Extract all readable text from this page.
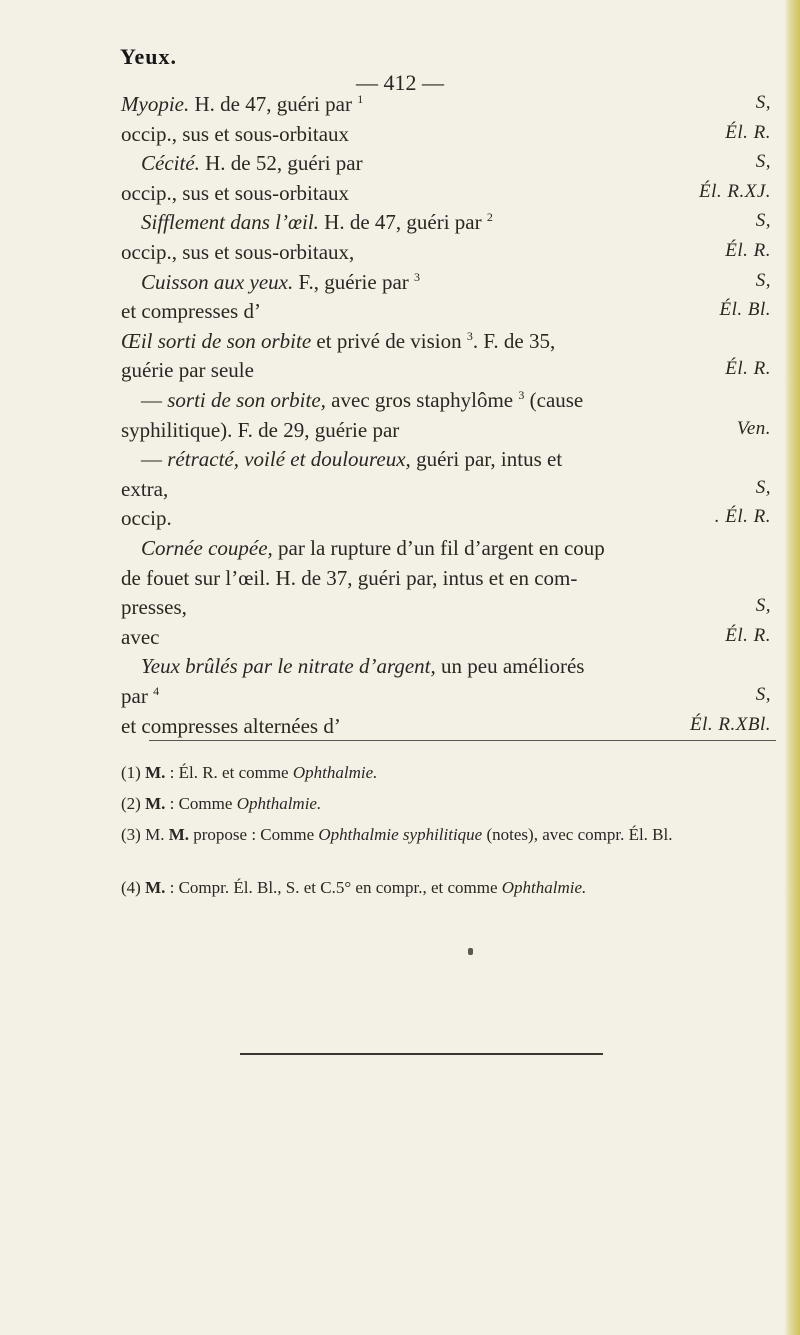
Yeux.
— 412 —
Myopie. H. de 47, guéri par $^1$	S,
occip., sus et sous-orbitaux	Él. R.
Cécité. H. de 52, guéri par	S,
occip., sus et sous-orbitaux	Él. R.XJ.
Sifflement dans l’œil. H. de 47, guéri par $^2$	S,
occip., sus et sous-orbitaux,	Él. R.
Cuisson aux yeux. F., guérie par $^3$	S,
et compresses d’	Él. Bl.
Œil sorti de son orbite et privé de vision $^3$. F. de 35,
guérie par seule	Él. R.
— sorti de son orbite, avec gros staphylôme $^3$ (cause
syphilitique). F. de 29, guérie par	Ven.
— rétracté, voilé et douloureux, guéri par, intus et
extra,	S,
occip.	. Él. R.
Cornée coupée, par la rupture d’un fil d’argent en coup
de fouet sur l’œil. H. de 37, guéri par, intus et en com-
presses,	S,
avec	Él. R.
Yeux brûlés par le nitrate d’argent, un peu améliorés
par $^4$	S,
et compresses alternées d’	Él. R.XBl.
(1) M. : Él. R. et comme Ophthalmie.
(2) M. : Comme Ophthalmie.
(3) M. M. propose : Comme Ophthalmie syphilitique (notes), avec compr. Él. Bl.
(4) M. : Compr. Él. Bl., S. et C.5° en compr., et comme Ophthalmie.
